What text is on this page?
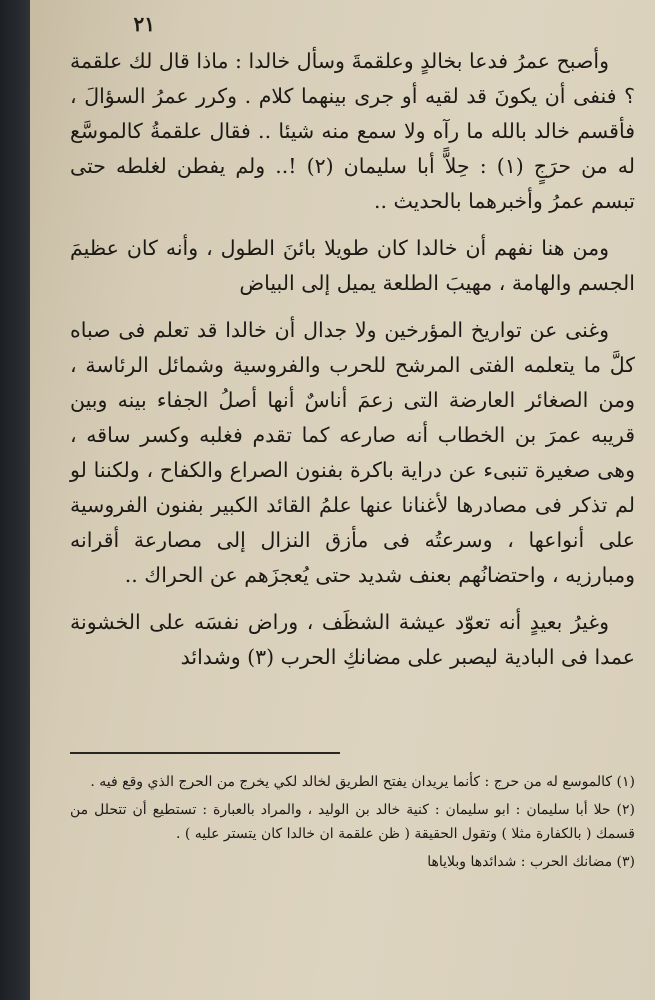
۲۱

وأصبح عمرُ فدعا بخالدٍ وعلقمةَ وسأل خالدا : ماذا قال لك علقمة ؟ فنفى أن يكونَ قد لقيه أو جرى بينهما كلام . وكرر عمرُ السؤالَ ، فأقسم خالد بالله ما رآه ولا سمع منه شيئا .. فقال علقمةُ كالموسَّع له من حرَجٍ (١) : حِلاًّ أبا سليمان (٢) !.. ولم يفطن لغلطه حتى تبسم عمرُ وأخبرهما بالحديث ..

ومن هنا نفهم أن خالدا كان طويلا بائنَ الطول ، وأنه كان عظيمَ الجسم والهامة ، مهيبَ الطلعة يميل إلى البياض

وغنى عن تواريخ المؤرخين ولا جدال أن خالدا قد تعلم فى صباه كلَّ ما يتعلمه الفتى المرشح للحرب والفروسية وشمائل الرئاسة ، ومن الصغائر العارضة التى زعمَ أناسٌ أنها أصلُ الجفاء بينه وبين قريبه عمرَ بن الخطاب أنه صارعه كما تقدم فغلبه وكسر ساقه ، وهى صغيرة تنبىء عن دراية باكرة بفنون الصراع والكفاح ، ولكننا لو لم تذكر فى مصادرها لأغنانا عنها علمُ القائد الكبير بفنون الفروسية على أنواعها ، وسرعتُه فى مأزق النزال إلى مصارعة أقرانه ومبارزيه ، واحتضانُهم بعنف شديد حتى يُعجزَهم عن الحراك ..

وغيرُ بعيدٍ أنه تعوّد عيشة الشظَف ، وراض نفسَه على الخشونة عمدا فى البادية ليصبر على مضانكِ الحرب (٣) وشدائد

(١) كالموسع له من حرج : كأنما يريدان يفتح الطريق لخالد لكي يخرج من الحرج الذي وقع فيه .

(٢) حلا أبا سليمان : ابو سليمان : كنية خالد بن الوليد ، والمراد بالعبارة : تستطيع أن تتحلل من قسمك ( بالكفارة مثلا ) وتقول الحقيقة ( ظن علقمة ان خالدا كان يتستر عليه ) .

(٣) مضانك الحرب : شدائدها وبلاياها
